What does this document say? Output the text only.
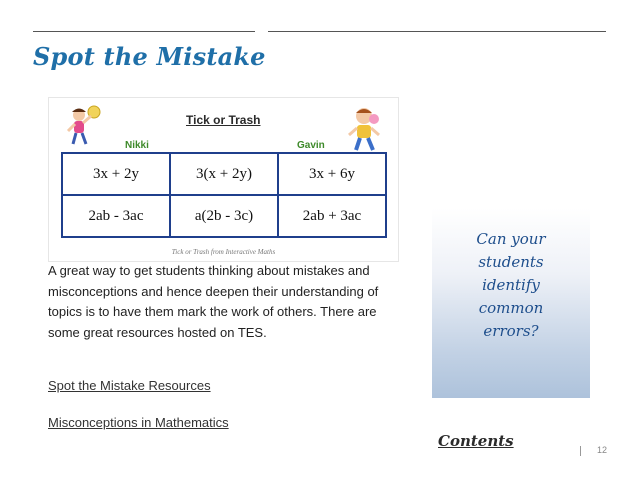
Spot the Mistake
Tick or Trash
Nikki	Gavin
3x + 2y	3(x + 2y)	3x + 6y
2ab - 3ac	a(2b - 3c)	2ab + 3ac
Tick or Trash from Interactive Maths
A great way to get students thinking about mistakes and misconceptions and hence deepen their understanding of topics is to have them mark the work of others. There are some great resources hosted on TES.
Spot the Mistake Resources
Misconceptions in Mathematics
Can your
students
identify
common
errors?
Contents	12
